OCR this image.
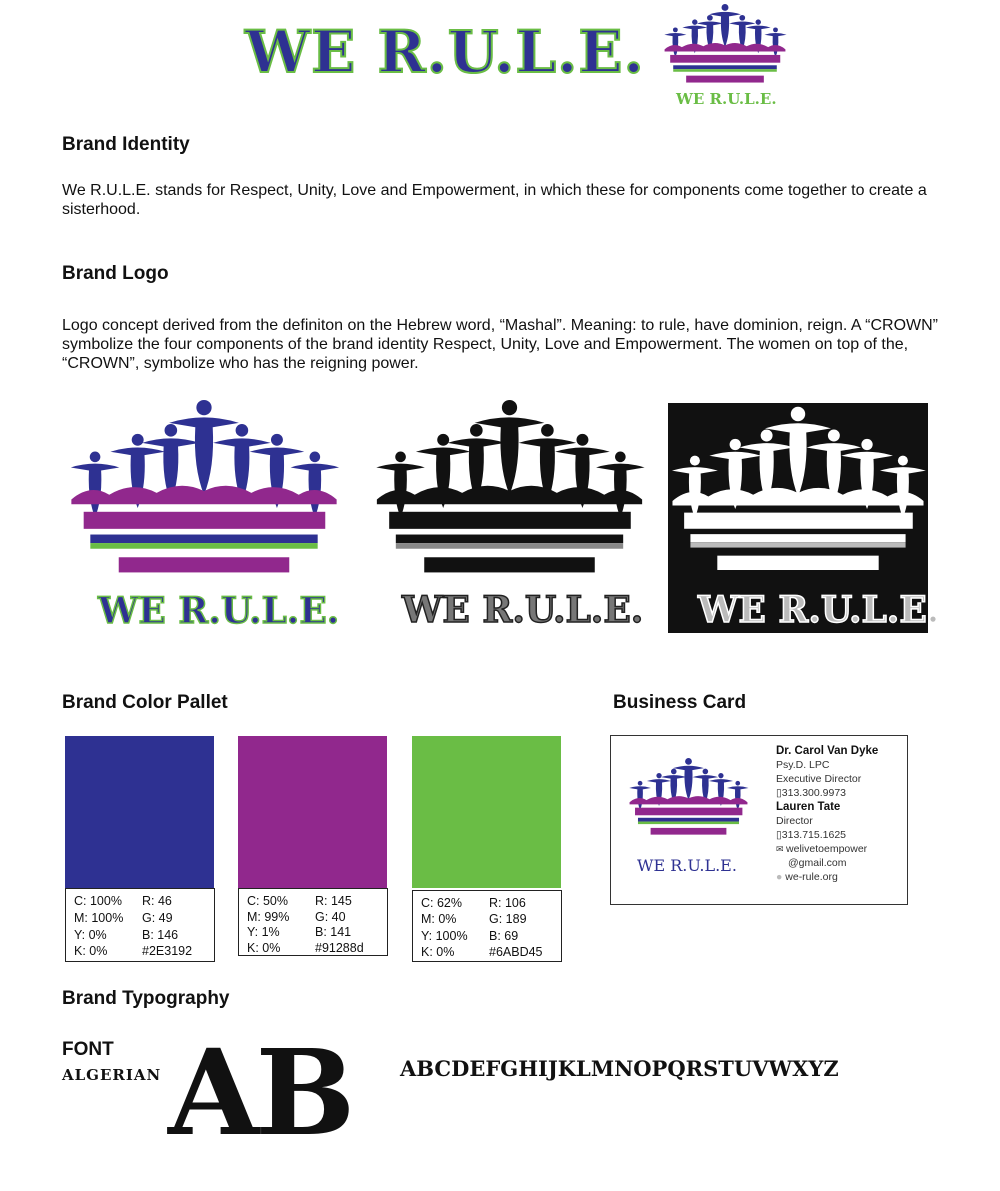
WE R.U.L.E.
WE R.U.L.E.
Brand Identity

We R.U.L.E. stands for Respect, Unity, Love and Empowerment, in which these for components come together to create a sisterhood.

Brand Logo

Logo concept derived from the definiton on the Hebrew word, “Mashal”. Meaning: to rule, have dominion, reign. A “CROWN” symbolize the four components of the brand identity Respect, Unity, Love and Empowerment. The women on top of the, “CROWN”, symbolize who has the reigning power.

WE R.U.L.E. WE R.U.L.E. WE R.U.L.E.
Brand Color Pallet
C: 100%	R: 46
M: 100%	G: 49
Y: 0%	B: 146
K: 0%	#2E3192
C: 50%	R: 145
M: 99%	G: 40
Y: 1%	B: 141
K: 0%	#91288d
C: 62%	R: 106
M: 0%	G: 189
Y: 100%	B: 69
K: 0%	#6ABD45
Business Card
WE R.U.L.E.
Dr. Carol Van Dyke
Psy.D. LPC
Executive Director
▯313.300.9973
Lauren Tate
Director
▯313.715.1625
✉ welivetoempower
@gmail.com
● we-rule.org
Brand Typography
FONT
ALGERIAN AB ABCDEFGHIJKLMNOPQRSTUVWXYZ
